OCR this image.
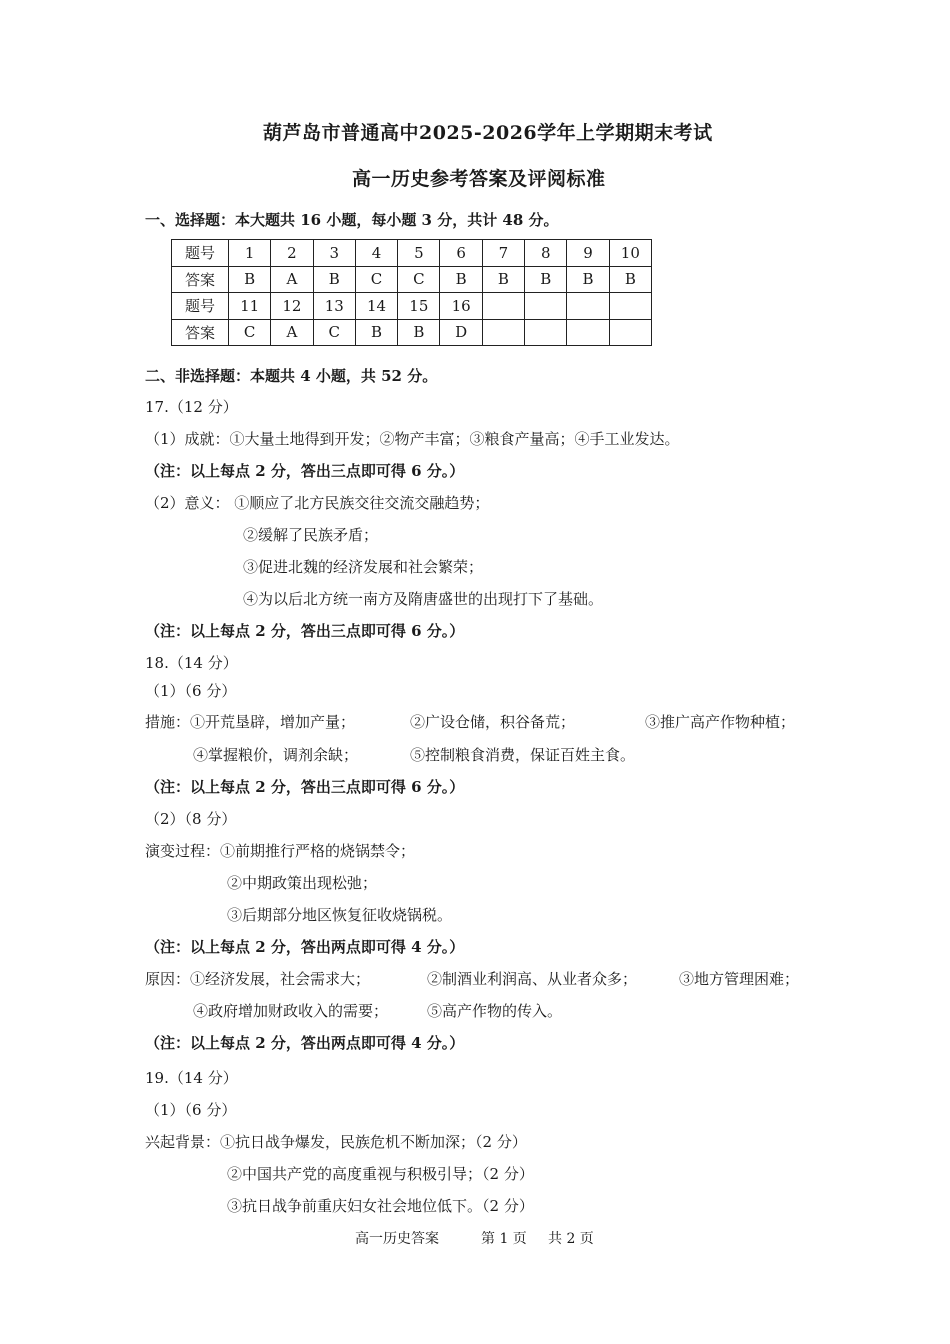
葫芦岛市普通高中2025-2026学年上学期期末考试
高一历史参考答案及评阅标准
一、选择题：本大题共 16 小题，每小题 3 分，共计 48 分。
题号	1	2	3	4	5	6	7	8	9	10
答案	B	A	B	C	C	B	B	B	B	B
题号	11	12	13	14	15	16				
答案	C	A	C	B	B	D				
二、非选择题：本题共 4 小题，共 52 分。
17.（12 分）
（1）成就：①大量土地得到开发；②物产丰富；③粮食产量高；④手工业发达。
（注：以上每点 2 分，答出三点即可得 6 分。）
（2）意义： ①顺应了北方民族交往交流交融趋势；
②缓解了民族矛盾；
③促进北魏的经济发展和社会繁荣；
④为以后北方统一南方及隋唐盛世的出现打下了基础。
（注：以上每点 2 分，答出三点即可得 6 分。）
18.（14 分）
（1）（6 分）
措施：①开荒垦辟，增加产量；	②广设仓储，积谷备荒；	③推广高产作物种植；
④掌握粮价，调剂余缺；	⑤控制粮食消费，保证百姓主食。
（注：以上每点 2 分，答出三点即可得 6 分。）
（2）（8 分）
演变过程：①前期推行严格的烧锅禁令；
②中期政策出现松弛；
③后期部分地区恢复征收烧锅税。
（注：以上每点 2 分，答出两点即可得 4 分。）
原因：①经济发展，社会需求大；	②制酒业利润高、从业者众多；	③地方管理困难；
④政府增加财政收入的需要；	⑤高产作物的传入。
（注：以上每点 2 分，答出两点即可得 4 分。）
19.（14 分）
（1）（6 分）
兴起背景：①抗日战争爆发，民族危机不断加深；（2 分）
②中国共产党的高度重视与积极引导；（2 分）
③抗日战争前重庆妇女社会地位低下。（2 分）
高一历史答案	第 1 页 共 2 页
